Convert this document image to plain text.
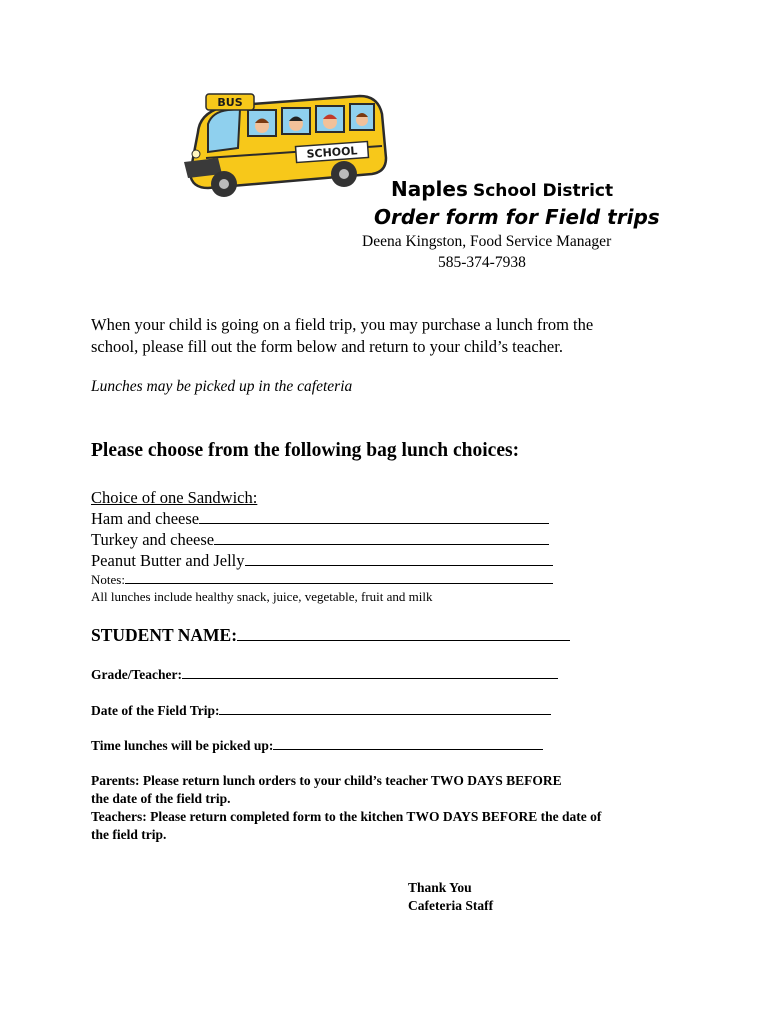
SCHOOL
BUS
Naples School District
Order form for Field trips
Deena Kingston, Food Service Manager
585-374-7938
When your child is going on a field trip, you may purchase a lunch from the
school, please fill out the form below and return to your child’s teacher.
Lunches may be picked up in the cafeteria
Please choose from the following bag lunch choices:
Choice of one Sandwich:
Ham and cheese
Turkey and cheese
Peanut Butter and Jelly
Notes:
All lunches include healthy snack, juice, vegetable, fruit and milk
STUDENT NAME:
Grade/Teacher:
Date of the Field Trip:
Time lunches will be picked up:
Parents: Please return lunch orders to your child’s teacher TWO DAYS BEFORE
the date of the field trip.
Teachers: Please return completed form to the kitchen TWO DAYS BEFORE the date of
the field trip.
Thank You
Cafeteria Staff
